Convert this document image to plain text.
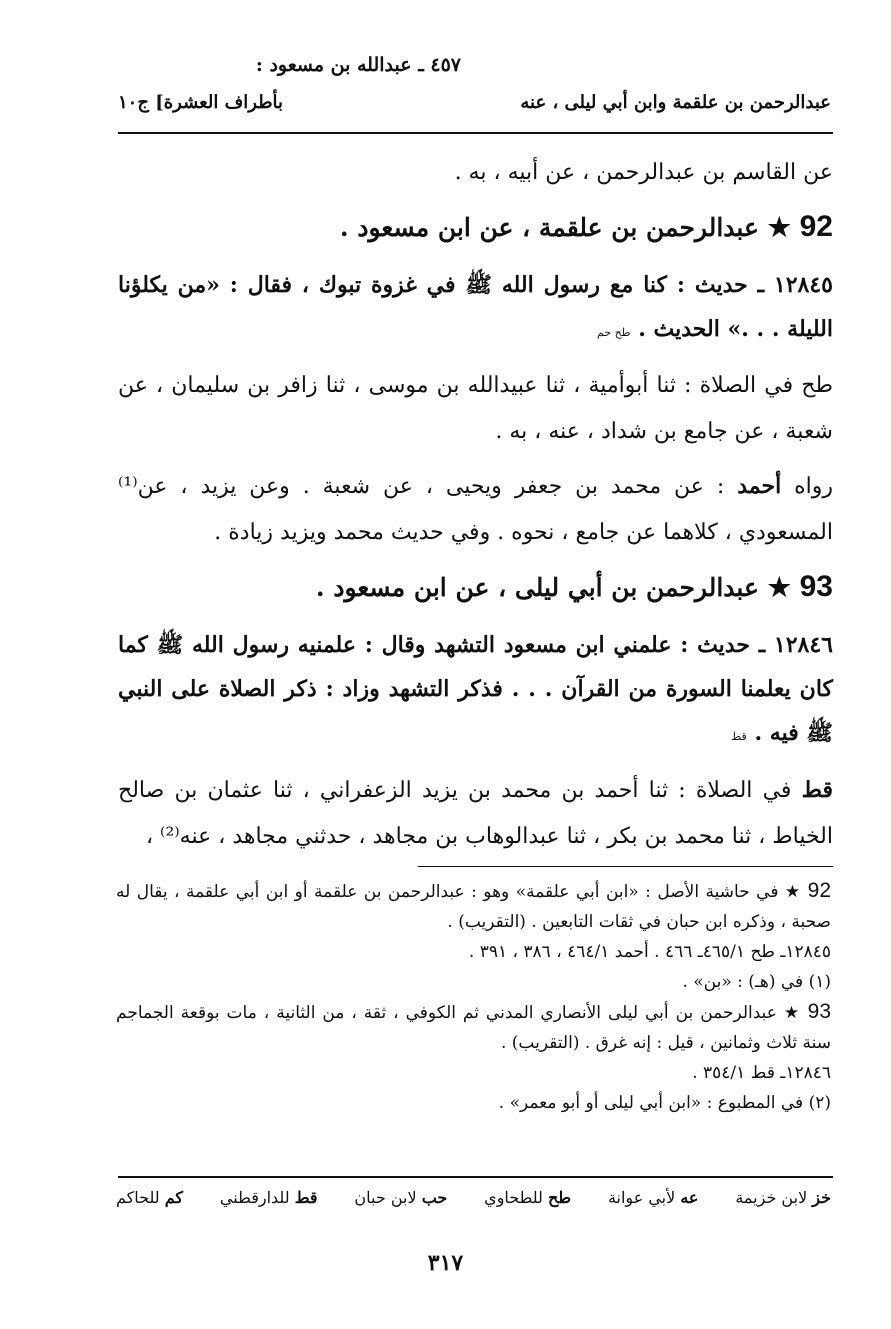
٤٥٧ ـ عبدالله بن مسعود :
عبدالرحمن بن علقمة وابن أبي ليلى ، عنه
بأطراف العشرة] ج١٠

عن القاسم بن عبدالرحمن ، عن أبيه ، به .

92 ★ عبدالرحمن بن علقمة ، عن ابن مسعود .

١٢٨٤٥ ـ حديث : كنا مع رسول الله ﷺ في غزوة تبوك ، فقال : «من يكلؤنا الليلة . . .» الحديث . طح حم

طح في الصلاة : ثنا أبوأمية ، ثنا عبيدالله بن موسى ، ثنا زافر بن سليمان ، عن شعبة ، عن جامع بن شداد ، عنه ، به .

رواه أحمد : عن محمد بن جعفر ويحيى ، عن شعبة . وعن يزيد ، عن⁽¹⁾ المسعودي ، كلاهما عن جامع ، نحوه . وفي حديث محمد ويزيد زيادة .

93 ★ عبدالرحمن بن أبي ليلى ، عن ابن مسعود .

١٢٨٤٦ ـ حديث : علمني ابن مسعود التشهد وقال : علمنيه رسول الله ﷺ كما كان يعلمنا السورة من القرآن . . . فذكر التشهد وزاد : ذكر الصلاة على النبي ﷺ فيه . قط

قط في الصلاة : ثنا أحمد بن محمد بن يزيد الزعفراني ، ثنا عثمان بن صالح الخياط ، ثنا محمد بن بكر ، ثنا عبدالوهاب بن مجاهد ، حدثني مجاهد ، عنه⁽²⁾ ،

92 ★ في حاشية الأصل : «ابن أبي علقمة» وهو : عبدالرحمن بن علقمة أو ابن أبي علقمة ، يقال له صحبة ، وذكره ابن حبان في ثقات التابعين . (التقريب) .

١٢٨٤٥ـ طح ٤٦٥/١ـ ٤٦٦ . أحمد ٤٦٤/١ ، ٣٨٦ ، ٣٩١ .

(١) في (هـ) : «بن» .

93 ★ عبدالرحمن بن أبي ليلى الأنصاري المدني ثم الكوفي ، ثقة ، من الثانية ، مات بوقعة الجماجم سنة ثلاث وثمانين ، قيل : إنه غرق . (التقريب) .

١٢٨٤٦ـ قط ٣٥٤/١ .

(٢) في المطبوع : «ابن أبي ليلى أو أبو معمر» .

خز لابن خزيمة
عه لأبي عوانة
طح للطحاوي
حب لابن حبان
قط للدارقطني
كم للحاكم
٣١٧
